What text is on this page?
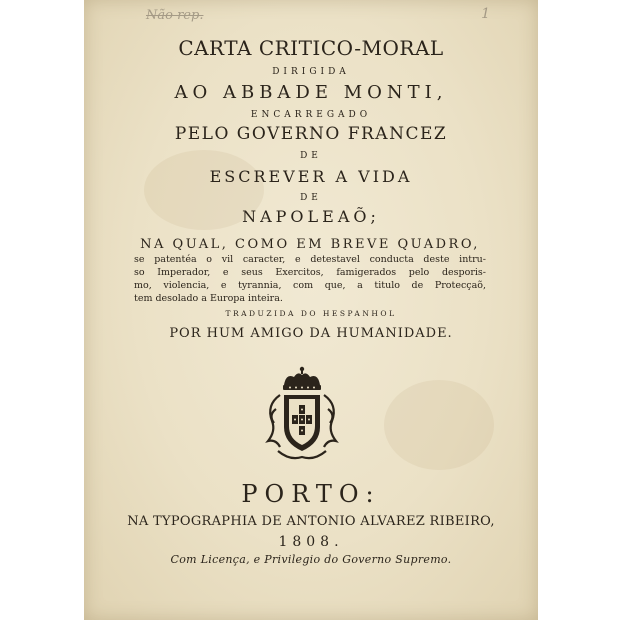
Não rep.	1
CARTA CRITICO-MORAL
DIRIGIDA
AO ABBADE MONTI,
ENCARREGADO
PELO GOVERNO FRANCEZ
DE
ESCREVER A VIDA
DE
NAPOLEAÕ;
NA QUAL, COMO EM BREVE QUADRO,
se patentéa o vil caracter, e detestavel conducta deste intru-
so Imperador, e seus Exercitos, famigerados pelo desporis-
mo, violencia, e tyrannia, com que, a titulo de Protecçaõ,
tem desolado a Europa inteira.
TRADUZIDA DO HESPANHOL
POR HUM AMIGO DA HUMANIDADE.
PORTO:
NA TYPOGRAPHIA DE ANTONIO ALVAREZ RIBEIRO,
1808.
Com Licença, e Privilegio do Governo Supremo.
